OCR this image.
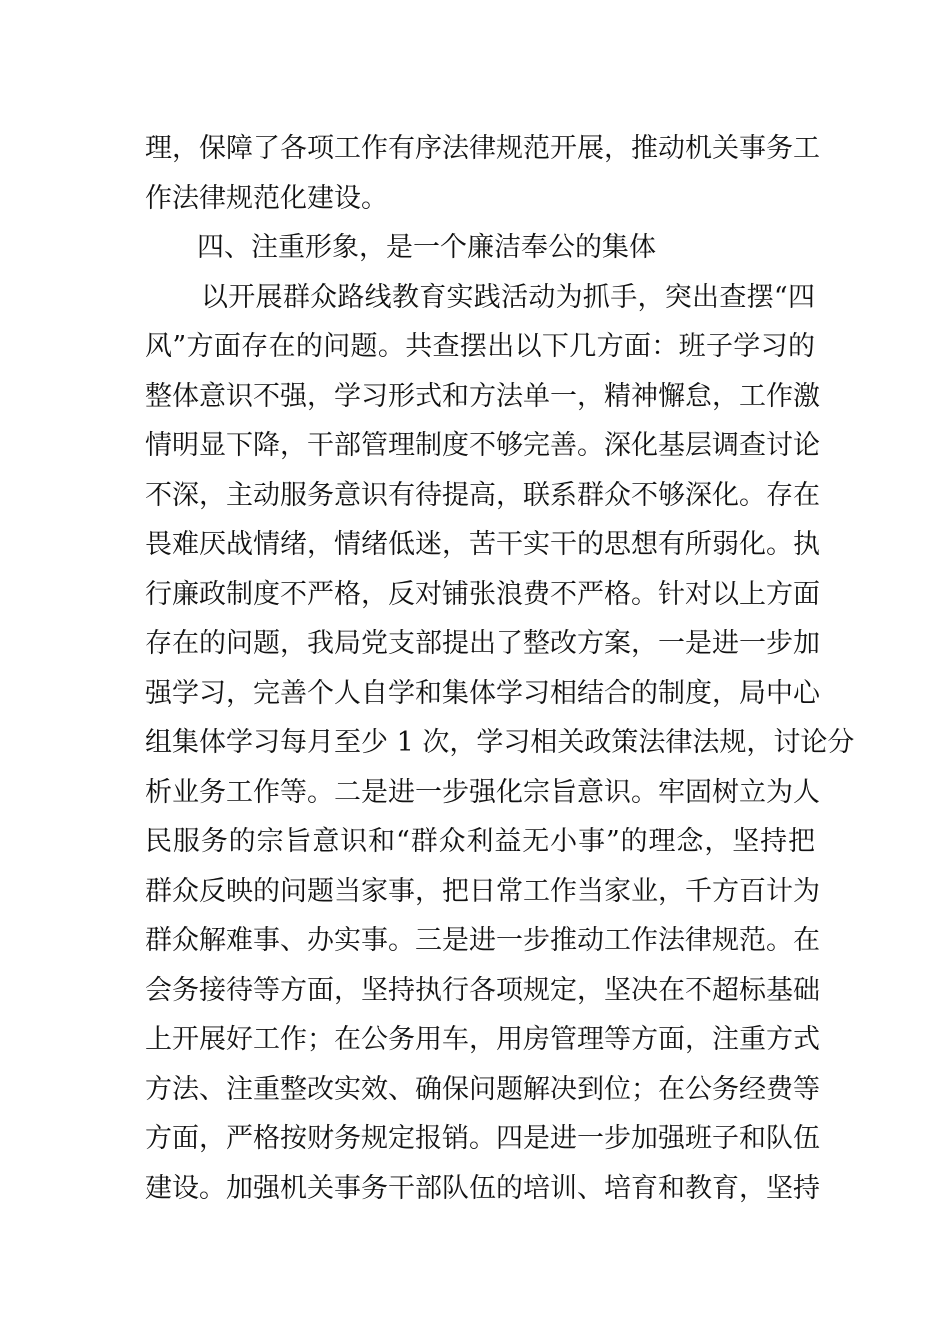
理，保障了各项工作有序法律规范开展，推动机关事务工
作法律规范化建设。
四、注重形象，是一个廉洁奉公的集体
以开展群众路线教育实践活动为抓手，突出查摆“四
风”方面存在的问题。共查摆出以下几方面：班子学习的
整体意识不强，学习形式和方法单一，精神懈怠，工作激
情明显下降，干部管理制度不够完善。深化基层调查讨论
不深，主动服务意识有待提高，联系群众不够深化。存在
畏难厌战情绪，情绪低迷，苦干实干的思想有所弱化。执
行廉政制度不严格，反对铺张浪费不严格。针对以上方面
存在的问题，我局党支部提出了整改方案，一是进一步加
强学习，完善个人自学和集体学习相结合的制度，局中心
组集体学习每月至少 1 次，学习相关政策法律法规，讨论分
析业务工作等。二是进一步强化宗旨意识。牢固树立为人
民服务的宗旨意识和“群众利益无小事”的理念，坚持把
群众反映的问题当家事，把日常工作当家业，千方百计为
群众解难事、办实事。三是进一步推动工作法律规范。在
会务接待等方面，坚持执行各项规定，坚决在不超标基础
上开展好工作；在公务用车，用房管理等方面，注重方式
方法、注重整改实效、确保问题解决到位；在公务经费等
方面，严格按财务规定报销。四是进一步加强班子和队伍
建设。加强机关事务干部队伍的培训、培育和教育，坚持
